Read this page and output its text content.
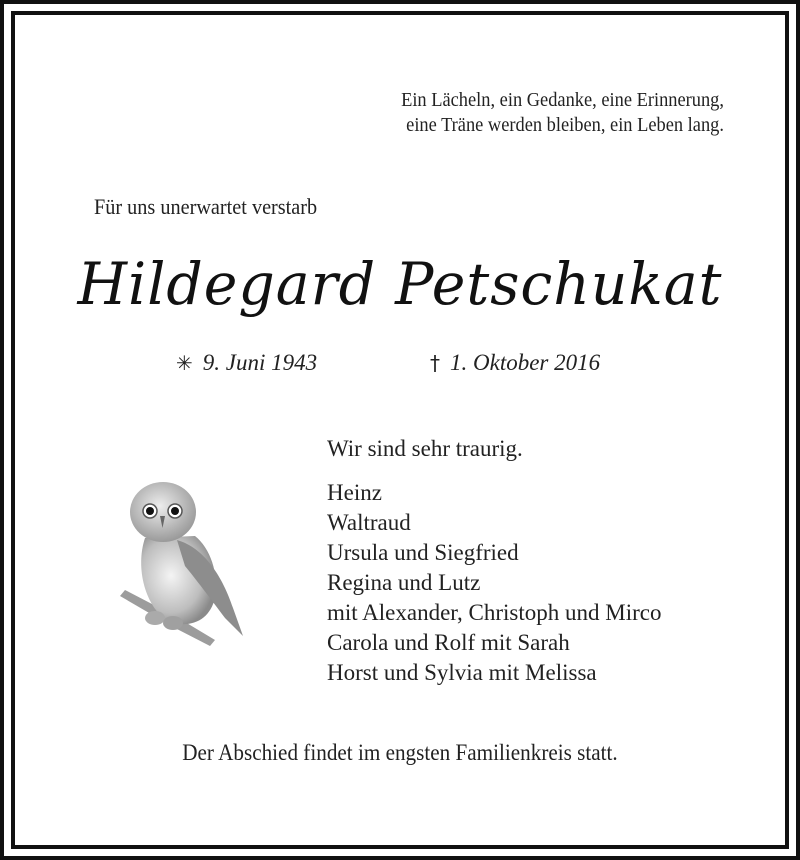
Ein Lächeln, ein Gedanke, eine Erinnerung,
eine Träne werden bleiben, ein Leben lang.
Für uns unerwartet verstarb
Hildegard Petschukat
✳ 9. Juni 1943	† 1. Oktober 2016
Wir sind sehr traurig.
Heinz
Waltraud
Ursula und Siegfried
Regina und Lutz
mit Alexander, Christoph und Mirco
Carola und Rolf mit Sarah
Horst und Sylvia mit Melissa
Der Abschied findet im engsten Familienkreis statt.
